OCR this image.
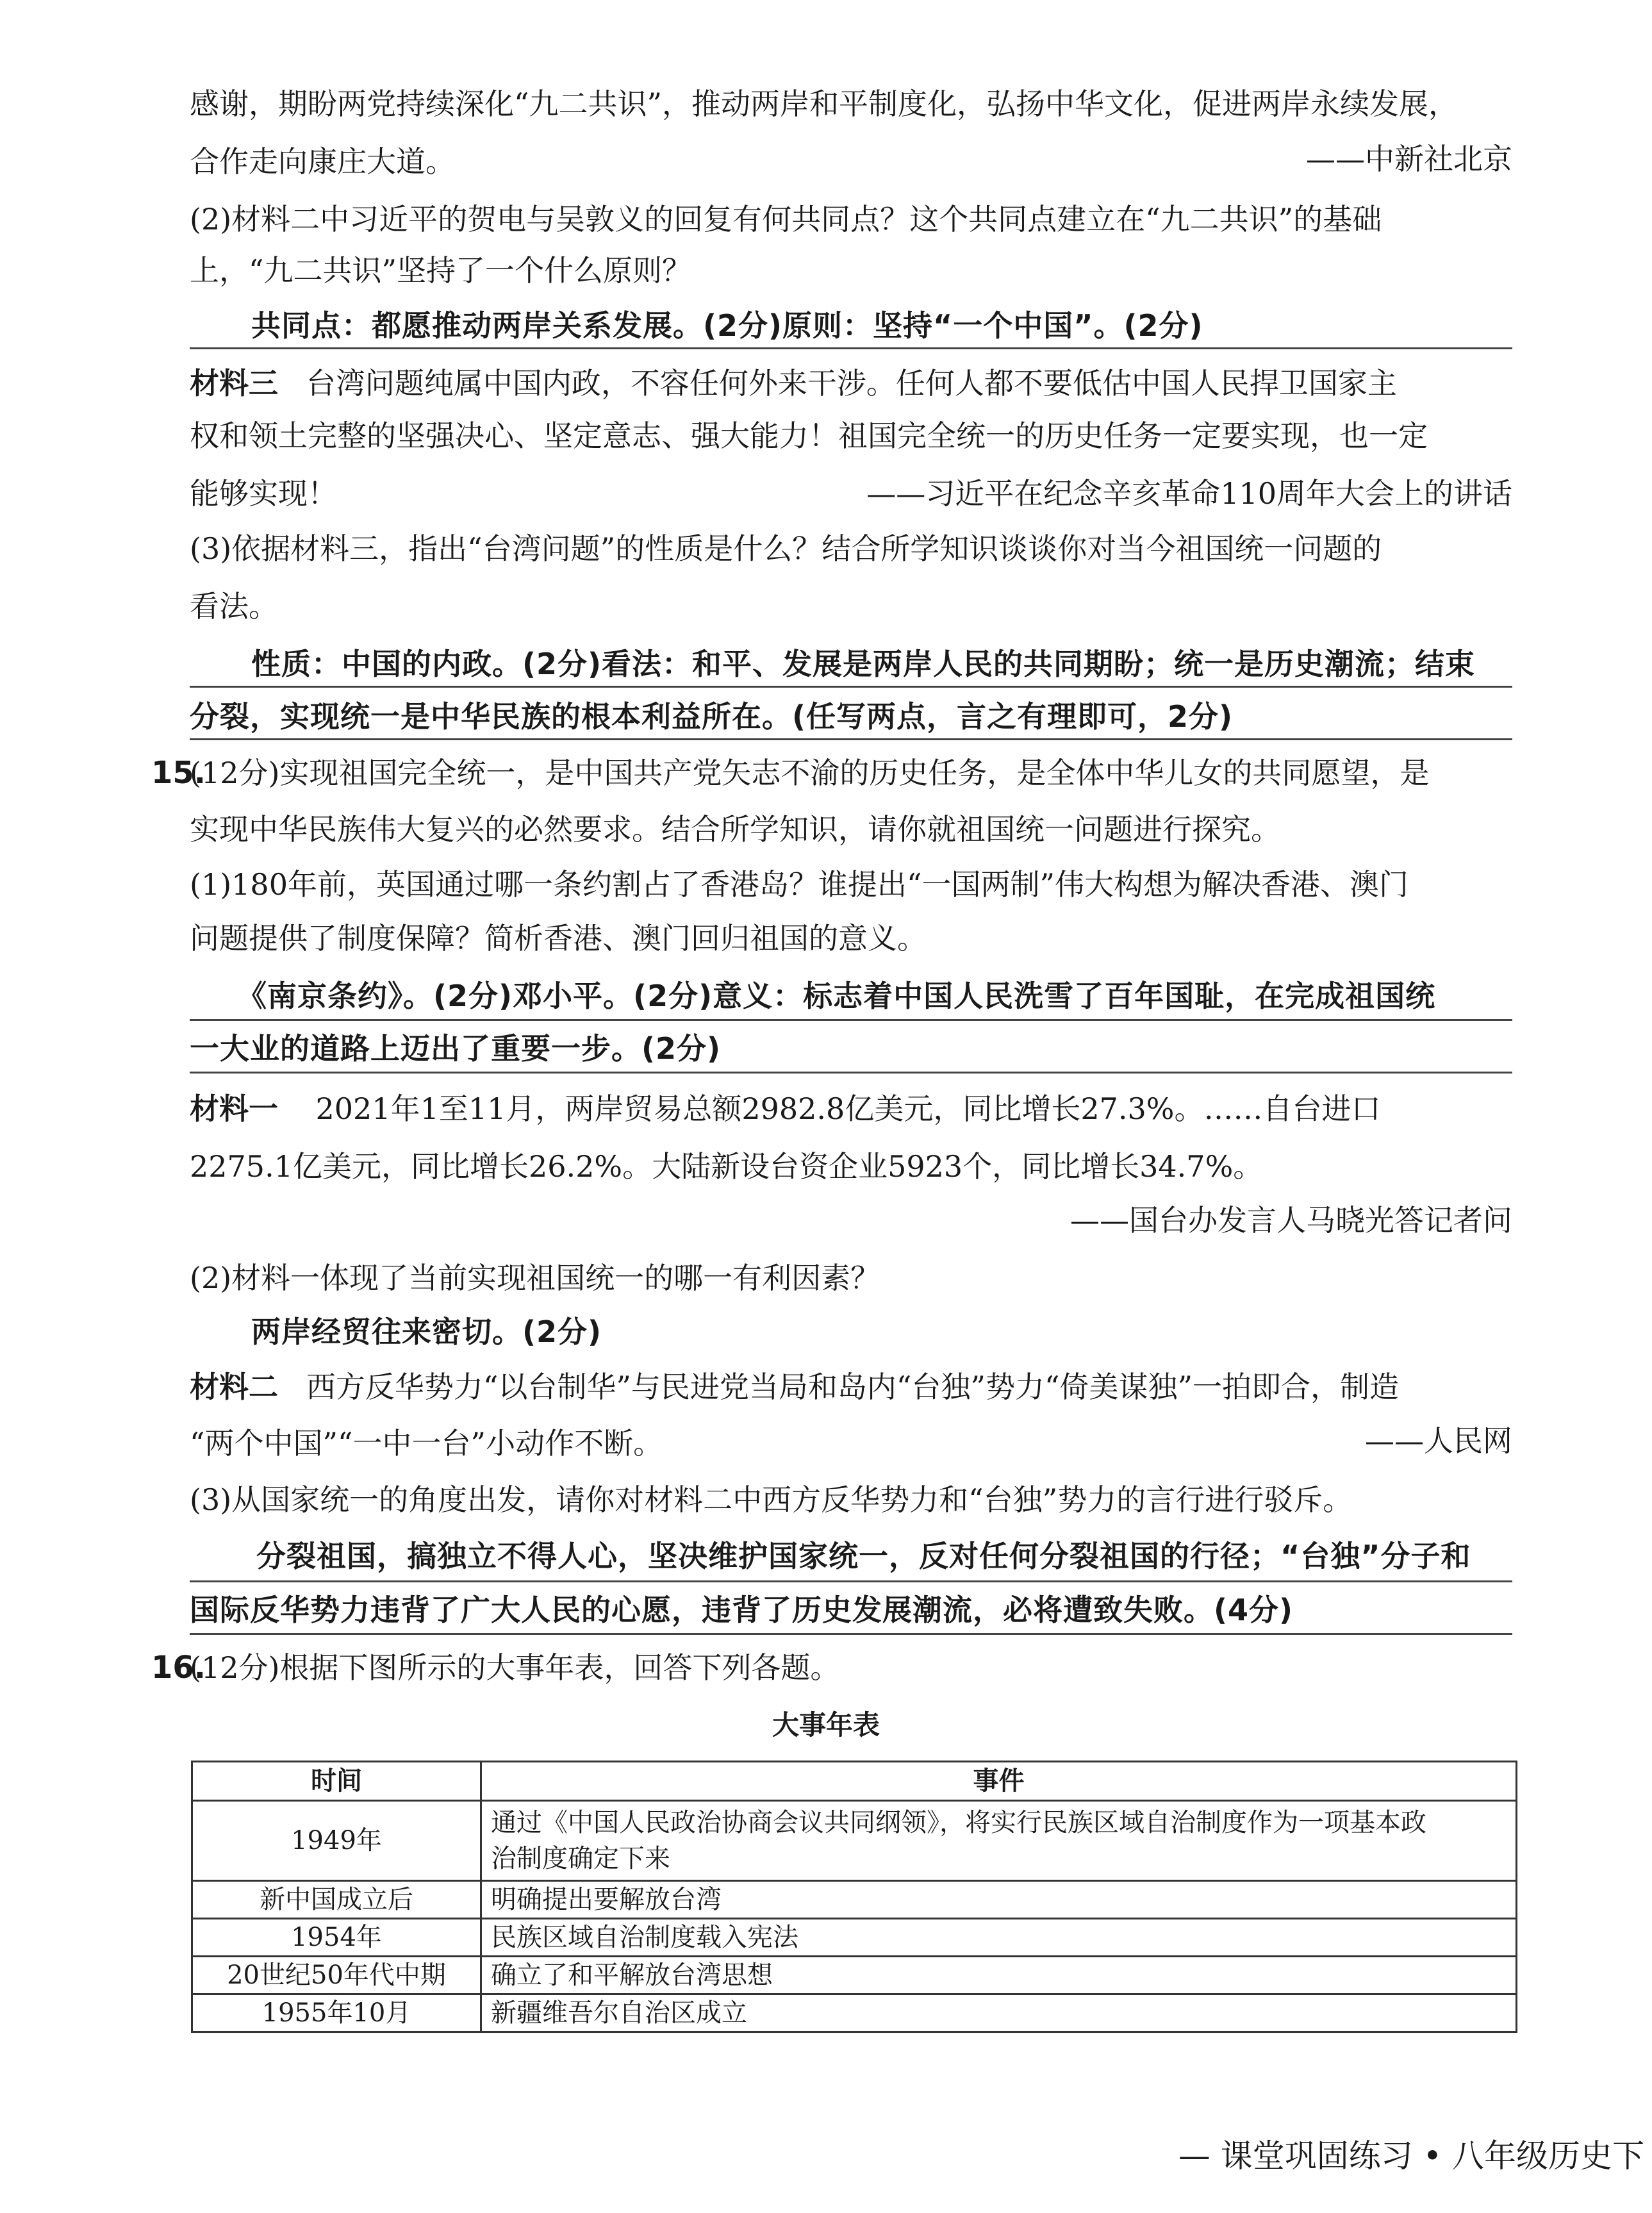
感谢，期盼两党持续深化“九二共识”，推动两岸和平制度化，弘扬中华文化，促进两岸永续发展，
合作走向康庄大道。	——中新社北京
(2)材料二中习近平的贺电与吴敦义的回复有何共同点？这个共同点建立在“九二共识”的基础
上，“九二共识”坚持了一个什么原则？
共同点：都愿推动两岸关系发展。(2分)原则：坚持“一个中国”。(2分)
材料三 台湾问题纯属中国内政，不容任何外来干涉。任何人都不要低估中国人民捍卫国家主
权和领土完整的坚强决心、坚定意志、强大能力！祖国完全统一的历史任务一定要实现，也一定
能够实现！	——习近平在纪念辛亥革命110周年大会上的讲话
(3)依据材料三，指出“台湾问题”的性质是什么？结合所学知识谈谈你对当今祖国统一问题的
看法。
性质：中国的内政。(2分)看法：和平、发展是两岸人民的共同期盼；统一是历史潮流；结束
分裂，实现统一是中华民族的根本利益所在。(任写两点，言之有理即可，2分)
15.
(12分)实现祖国完全统一，是中国共产党矢志不渝的历史任务，是全体中华儿女的共同愿望，是
实现中华民族伟大复兴的必然要求。结合所学知识，请你就祖国统一问题进行探究。
(1)180年前，英国通过哪一条约割占了香港岛？谁提出“一国两制”伟大构想为解决香港、澳门
问题提供了制度保障？简析香港、澳门回归祖国的意义。
《南京条约》。(2分)邓小平。(2分)意义：标志着中国人民洗雪了百年国耻，在完成祖国统
一大业的道路上迈出了重要一步。(2分)
材料一 2021年1至11月，两岸贸易总额2982.8亿美元，同比增长27.3%。……自台进口
2275.1亿美元，同比增长26.2%。大陆新设台资企业5923个，同比增长34.7%。
——国台办发言人马晓光答记者问
(2)材料一体现了当前实现祖国统一的哪一有利因素？
两岸经贸往来密切。(2分)
材料二 西方反华势力“以台制华”与民进党当局和岛内“台独”势力“倚美谋独”一拍即合，制造
“两个中国”“一中一台”小动作不断。	——人民网
(3)从国家统一的角度出发，请你对材料二中西方反华势力和“台独”势力的言行进行驳斥。
分裂祖国，搞独立不得人心，坚决维护国家统一，反对任何分裂祖国的行径；“台独”分子和
国际反华势力违背了广大人民的心愿，违背了历史发展潮流，必将遭致失败。(4分)
16.
(12分)根据下图所示的大事年表，回答下列各题。
大事年表
时间	事件
1949年	通过《中国人民政治协商会议共同纲领》，将实行民族区域自治制度作为一项基本政
治制度确定下来

新中国成立后	明确提出要解放台湾
1954年	民族区域自治制度载入宪法
20世纪50年代中期	确立了和平解放台湾思想
1955年10月	新疆维吾尔自治区成立
— 课堂巩固练习 • 八年级历史下
